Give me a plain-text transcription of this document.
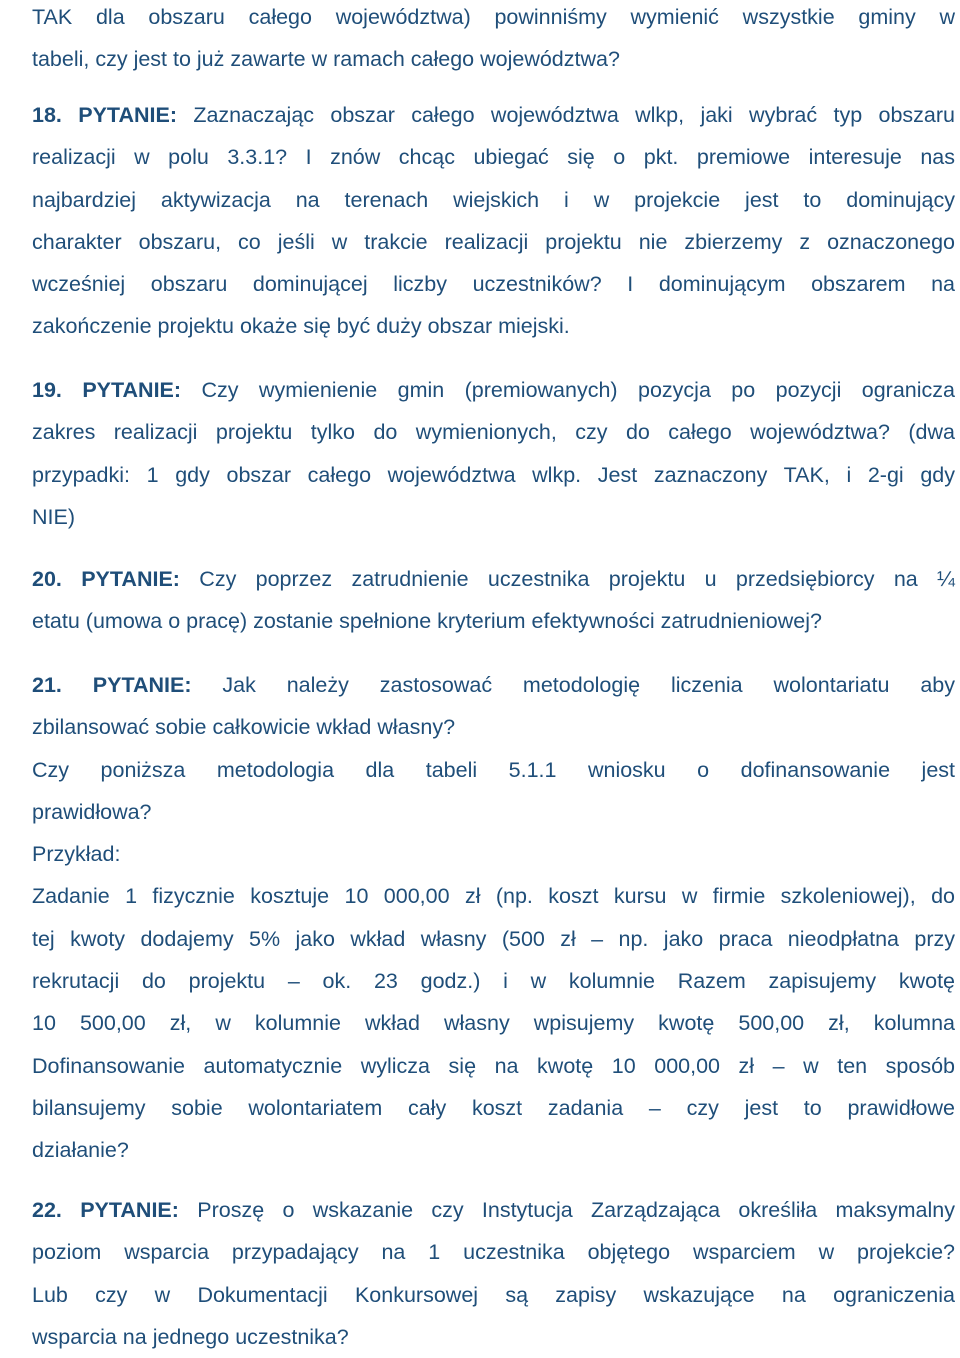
TAK dla obszaru całego województwa) powinniśmy wymienić wszystkie gminy w
tabeli, czy jest to już zawarte w ramach całego województwa?
18. PYTANIE: Zaznaczając obszar całego województwa wlkp, jaki wybrać typ obszaru
realizacji w polu 3.3.1? I znów chcąc ubiegać się o pkt. premiowe interesuje nas
najbardziej aktywizacja na terenach wiejskich i w projekcie jest to dominujący
charakter obszaru, co jeśli w trakcie realizacji projektu nie zbierzemy z oznaczonego
wcześniej obszaru dominującej liczby uczestników? I dominującym obszarem na
zakończenie projektu okaże się być duży obszar miejski.
19. PYTANIE: Czy wymienienie gmin (premiowanych) pozycja po pozycji ogranicza
zakres realizacji projektu tylko do wymienionych, czy do całego województwa? (dwa
przypadki: 1 gdy obszar całego województwa wlkp. Jest zaznaczony TAK, i 2-gi gdy
NIE)
20. PYTANIE: Czy poprzez zatrudnienie uczestnika projektu u przedsiębiorcy na ¼
etatu (umowa o pracę) zostanie spełnione kryterium efektywności zatrudnieniowej?
21. PYTANIE: Jak należy zastosować metodologię liczenia wolontariatu aby
zbilansować sobie całkowicie wkład własny?
Czy poniższa metodologia dla tabeli 5.1.1 wniosku o dofinansowanie jest
prawidłowa?
Przykład:
Zadanie 1 fizycznie kosztuje 10 000,00 zł (np. koszt kursu w firmie szkoleniowej), do
tej kwoty dodajemy 5% jako wkład własny (500 zł – np. jako praca nieodpłatna przy
rekrutacji do projektu – ok. 23 godz.) i w kolumnie Razem zapisujemy kwotę
10 500,00 zł, w kolumnie wkład własny wpisujemy kwotę 500,00 zł, kolumna
Dofinansowanie automatycznie wylicza się na kwotę 10 000,00 zł – w ten sposób
bilansujemy sobie wolontariatem cały koszt zadania – czy jest to prawidłowe
działanie?
22. PYTANIE: Proszę o wskazanie czy Instytucja Zarządzająca określiła maksymalny
poziom wsparcia przypadający na 1 uczestnika objętego wsparciem w projekcie?
Lub czy w Dokumentacji Konkursowej są zapisy wskazujące na ograniczenia
wsparcia na jednego uczestnika?
